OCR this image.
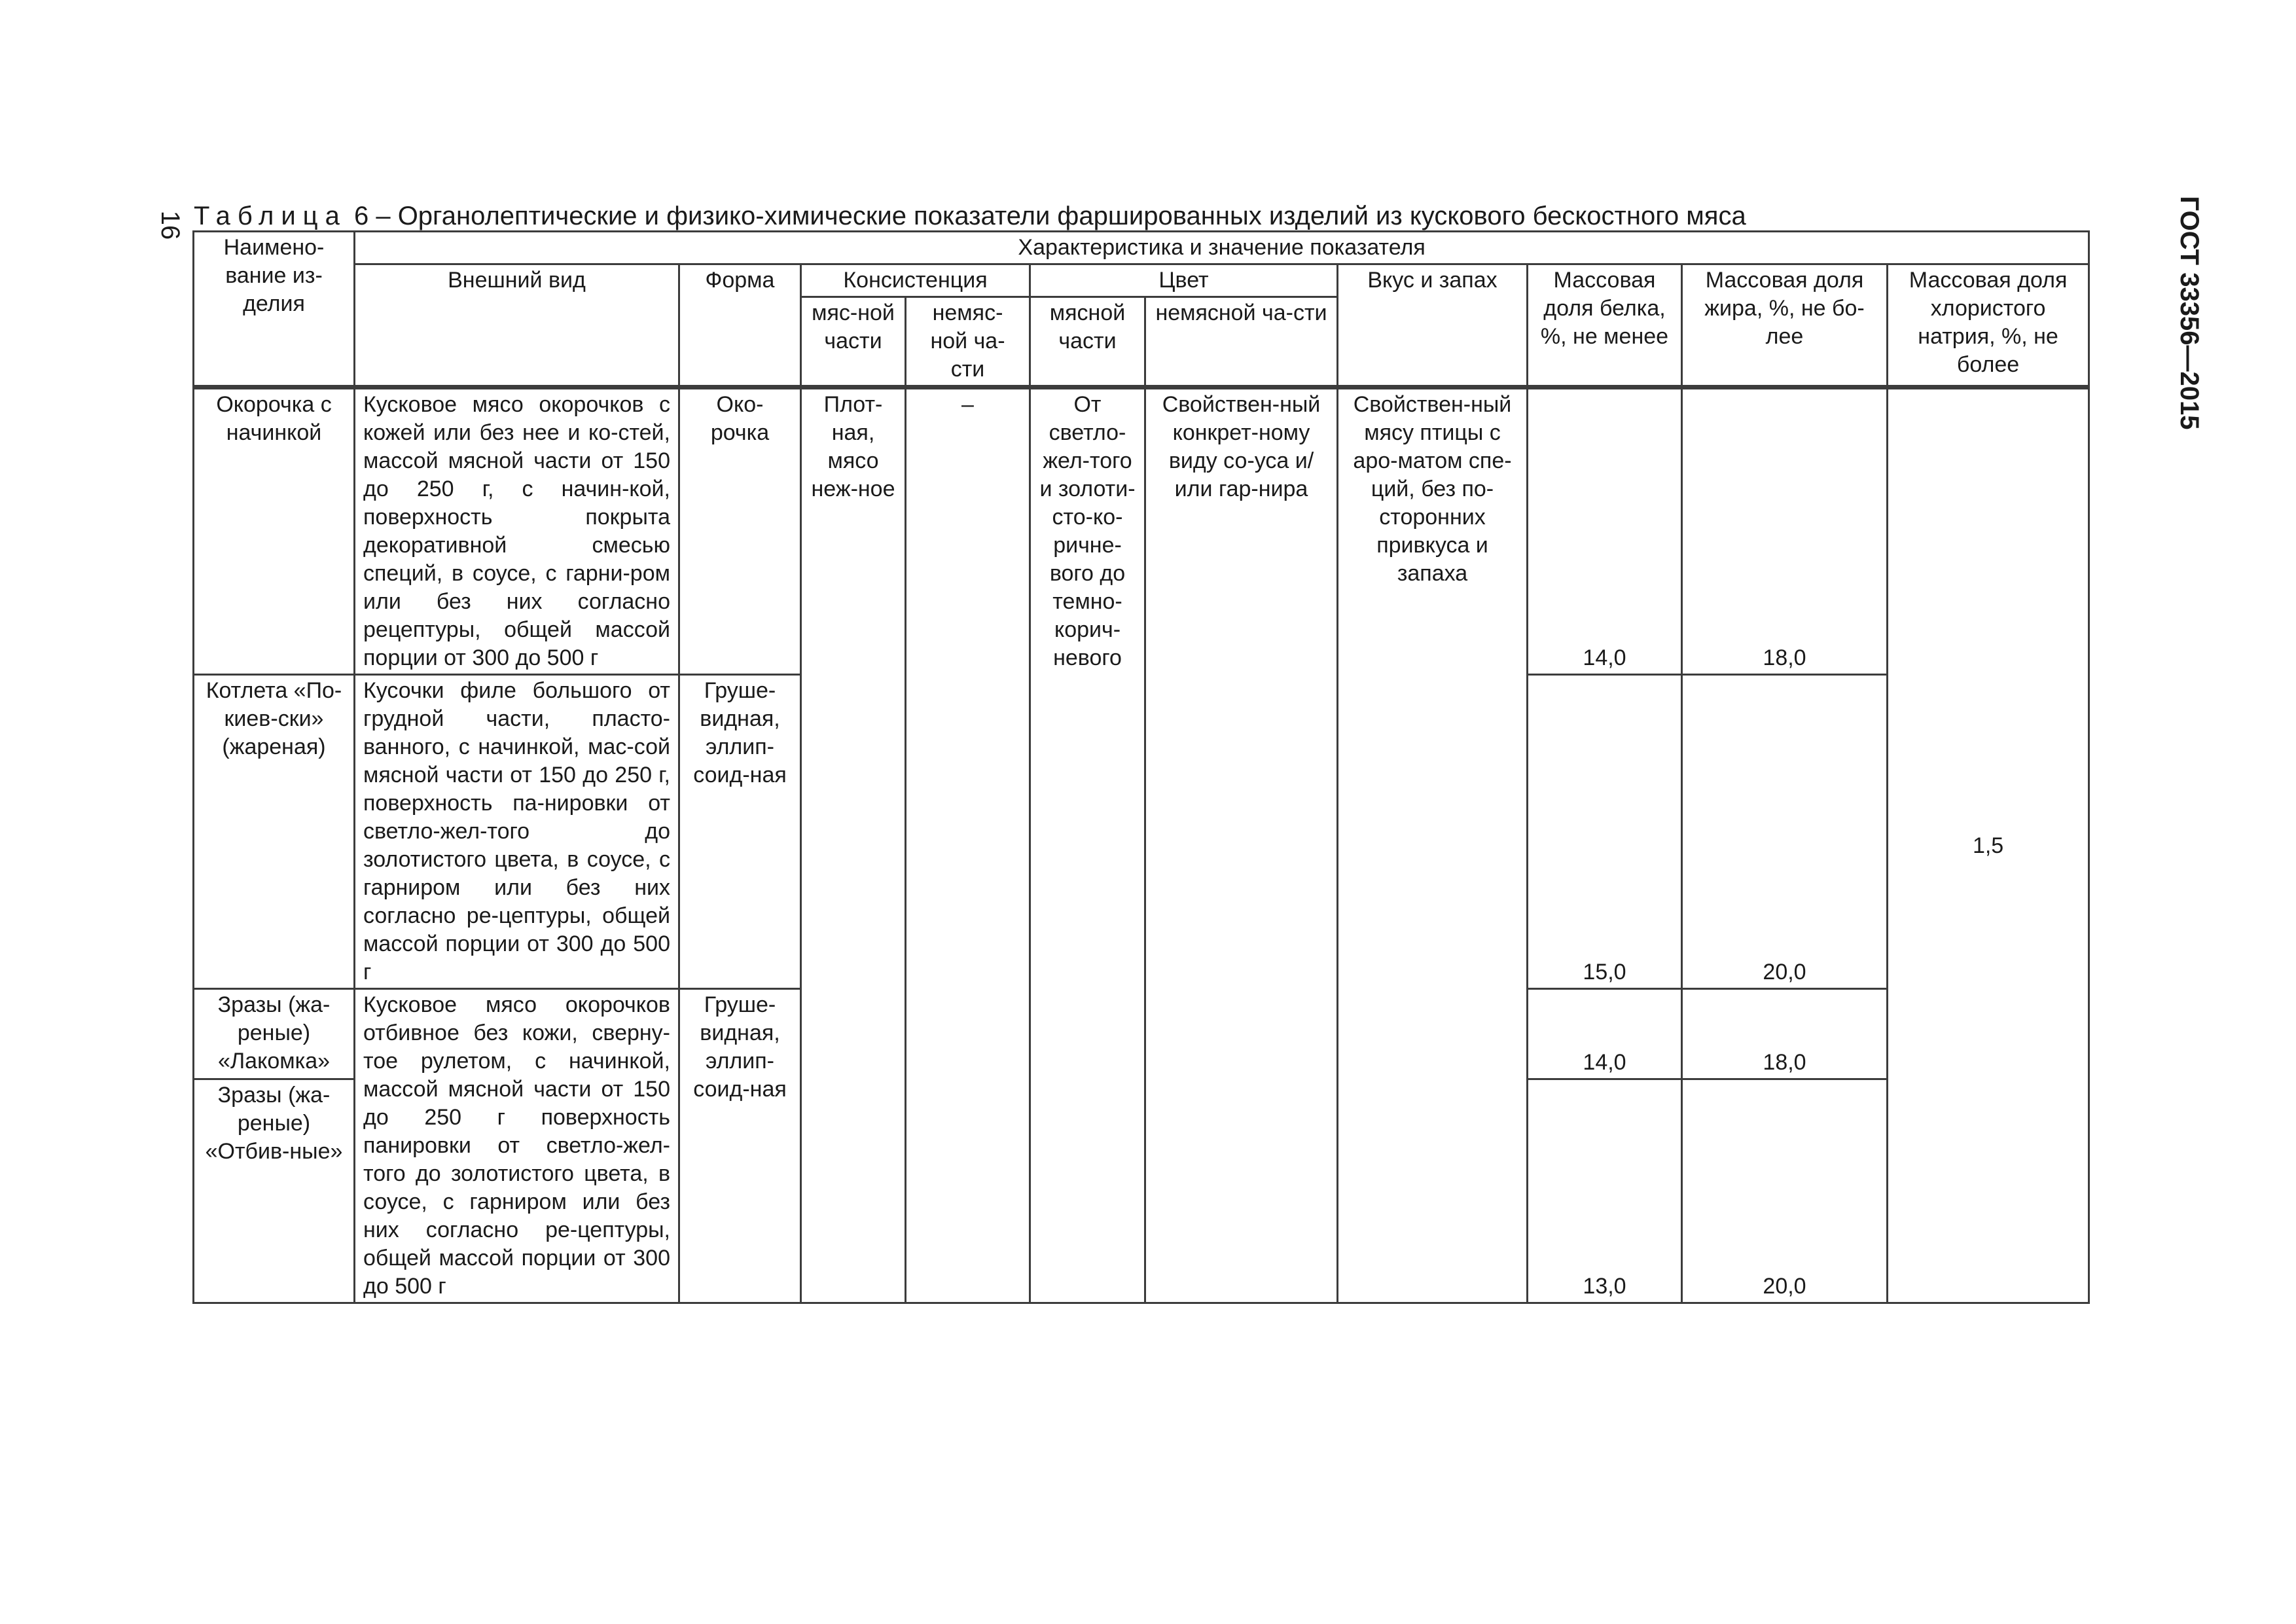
16	ГОСТ 33356—2015
Таблица 6 – Органолептические и физико-химические показатели фаршированных изделий из кускового бескостного мяса
Наимено-вание из-делия	Характеристика и значение показателя									
	Внешний вид	Форма	Консистенция		Цвет		Вкус и запах	Массовая доля белка, %, не менее	Массовая доля жира, %, не бо-лее	Массовая доля хлористого натрия, %, не более
			мяс-ной части	немяс-ной ча-сти	мясной части	немясной ча-сти				
Окорочка с начинкой	Кусковое мясо окорочков с кожей или без нее и ко-стей, массой мясной части от 150 до 250 г, с начин-кой, поверхность покрыта декоративной смесью специй, в соусе, с гарни-ром или без них согласно рецептуры, общей массой порции от 300 до 500 г	Око-рочка	Плот-ная, мясо неж-ное	–	От светло-жел-того и золоти-сто-ко-ричне-вого до темно-корич-невого	Свойствен-ный конкрет-ному виду со-уса и/или гар-нира	Свойствен-ный мясу птицы с аро-матом спе-ций, без по-сторонних привкуса и запаха	14,0	18,0	1,5
Котлета «По-киев-ски» (жареная)	Кусочки филе большого от грудной части, пласто-ванного, с начинкой, мас-сой мясной части от 150 до 250 г, поверхность па-нировки от светло-жел-того до золотистого цвета, в соусе, с гарниром или без них согласно ре-цептуры, общей массой порции от 300 до 500 г	Груше-видная, эллип-соид-ная						15,0	20,0	
Зразы (жа-реные) «Лакомка»	Кусковое мясо окорочков отбивное без кожи, сверну-тое рулетом, с начинкой, массой мясной части от 150 до 250 г поверхность панировки от светло-жел-того до золотистого цвета, в соусе, с гарниром или без них согласно ре-цептуры, общей массой порции от 300 до 500 г	Груше-видная, эллип-соид-ная						14,0	18,0	
Зразы (жа-реные) «Отбив-ные»								13,0	20,0	
